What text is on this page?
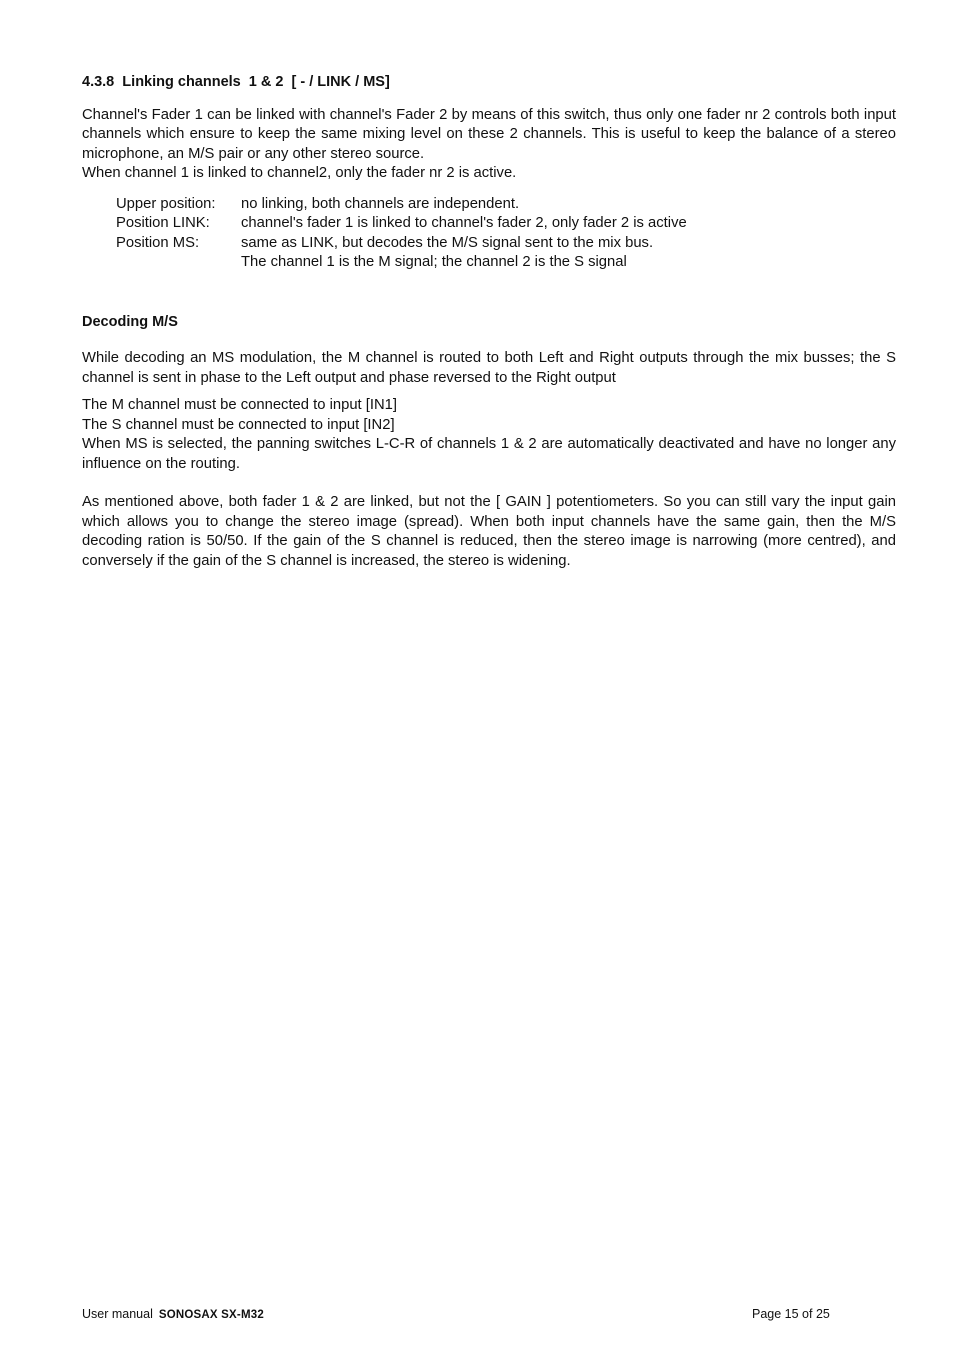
4.3.8  Linking channels  1 & 2  [ - / LINK / MS]

Channel's Fader 1 can be linked with channel's Fader 2 by means of this switch, thus only one fader nr 2 controls both input channels which ensure to keep the same mixing level on these 2 channels. This is useful to keep the balance of a stereo microphone, an M/S pair or any other stereo source.

When channel 1 is linked to channel2, only the fader nr 2 is active.
Upper position:	no linking, both channels are independent.
Position LINK:	channel's fader 1 is linked to channel's fader 2, only fader 2 is active
Position MS:	same as LINK, but decodes the M/S signal sent to the mix bus.
	The channel 1 is the M signal; the channel 2 is the S signal
Decoding M/S

While decoding an MS modulation, the M channel is routed to both Left and Right outputs through the mix busses; the S channel is sent in phase to the Left output and phase reversed to the Right output

The M channel must be connected to input [IN1]
The S channel must be connected to input [IN2]

When MS is selected, the panning switches L-C-R of channels 1 & 2 are automatically deactivated and have no longer any influence on the routing.

As mentioned above, both fader 1 & 2 are linked, but not the [ GAIN ] potentiometers. So you can still vary the input gain which allows you to change the stereo image (spread). When both input channels have the same gain, then the M/S decoding ration is 50/50. If the gain of the S channel is reduced, then the stereo image is narrowing (more centred), and conversely if the gain of the S channel is increased, the stereo is widening.

User manual SONOSAX SX-M32	Page 15 of 25
